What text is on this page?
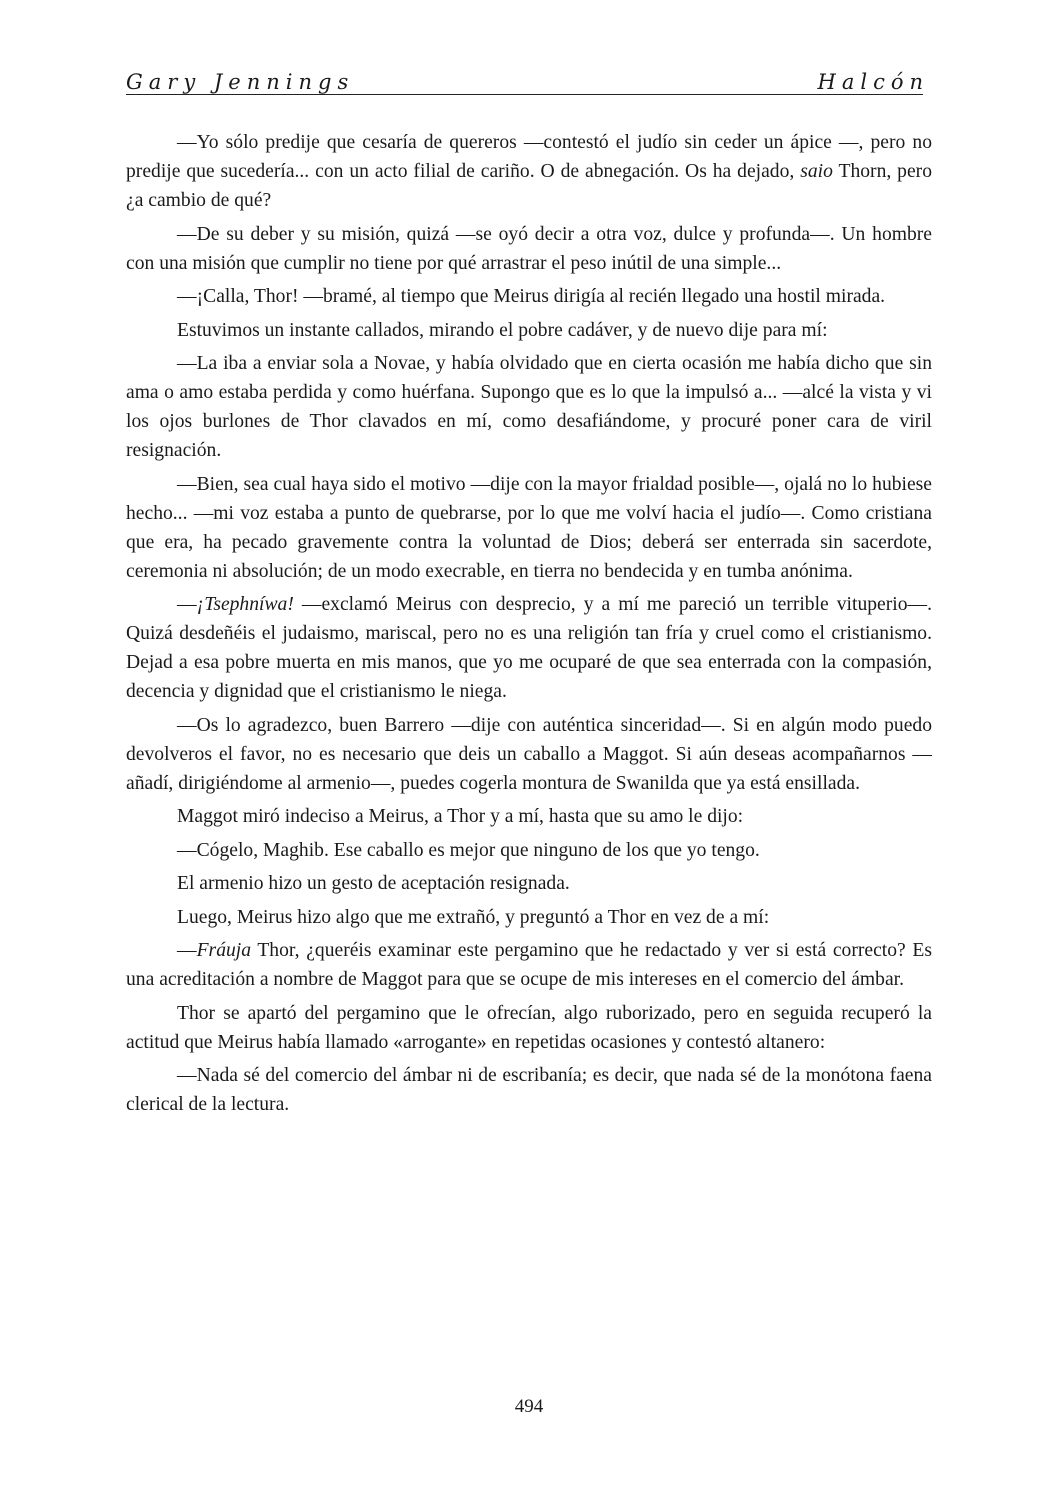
Gary Jennings	Halcón

—Yo sólo predije que cesaría de quereros —contestó el judío sin ceder un ápice —, pero no predije que sucedería... con un acto filial de cariño. O de abnegación. Os ha dejado, saio Thorn, pero ¿a cambio de qué?

—De su deber y su misión, quizá —se oyó decir a otra voz, dulce y profunda—. Un hombre con una misión que cumplir no tiene por qué arrastrar el peso inútil de una simple...

—¡Calla, Thor! —bramé, al tiempo que Meirus dirigía al recién llegado una hostil mirada.

Estuvimos un instante callados, mirando el pobre cadáver, y de nuevo dije para mí:

—La iba a enviar sola a Novae, y había olvidado que en cierta ocasión me había dicho que sin ama o amo estaba perdida y como huérfana. Supongo que es lo que la impulsó a... —alcé la vista y vi los ojos burlones de Thor clavados en mí, como desafiándome, y procuré poner cara de viril resignación.

—Bien, sea cual haya sido el motivo —dije con la mayor frialdad posible—, ojalá no lo hubiese hecho... —mi voz estaba a punto de quebrarse, por lo que me volví hacia el judío—. Como cristiana que era, ha pecado gravemente contra la voluntad de Dios; deberá ser enterrada sin sacerdote, ceremonia ni absolución; de un modo execrable, en tierra no bendecida y en tumba anónima.

—¡Tsephníwa! —exclamó Meirus con desprecio, y a mí me pareció un terrible vituperio—. Quizá desdeñéis el judaismo, mariscal, pero no es una religión tan fría y cruel como el cristianismo. Dejad a esa pobre muerta en mis manos, que yo me ocuparé de que sea enterrada con la compasión, decencia y dignidad que el cristianismo le niega.

—Os lo agradezco, buen Barrero —dije con auténtica sinceridad—. Si en algún modo puedo devolveros el favor, no es necesario que deis un caballo a Maggot. Si aún deseas acompañarnos —añadí, dirigiéndome al armenio—, puedes cogerla montura de Swanilda que ya está ensillada.

Maggot miró indeciso a Meirus, a Thor y a mí, hasta que su amo le dijo:

—Cógelo, Maghib. Ese caballo es mejor que ninguno de los que yo tengo.

El armenio hizo un gesto de aceptación resignada.

Luego, Meirus hizo algo que me extrañó, y preguntó a Thor en vez de a mí:

—Fráuja Thor, ¿queréis examinar este pergamino que he redactado y ver si está correcto? Es una acreditación a nombre de Maggot para que se ocupe de mis intereses en el comercio del ámbar.

Thor se apartó del pergamino que le ofrecían, algo ruborizado, pero en seguida recuperó la actitud que Meirus había llamado «arrogante» en repetidas ocasiones y contestó altanero:

—Nada sé del comercio del ámbar ni de escribanía; es decir, que nada sé de la monótona faena clerical de la lectura.

494
